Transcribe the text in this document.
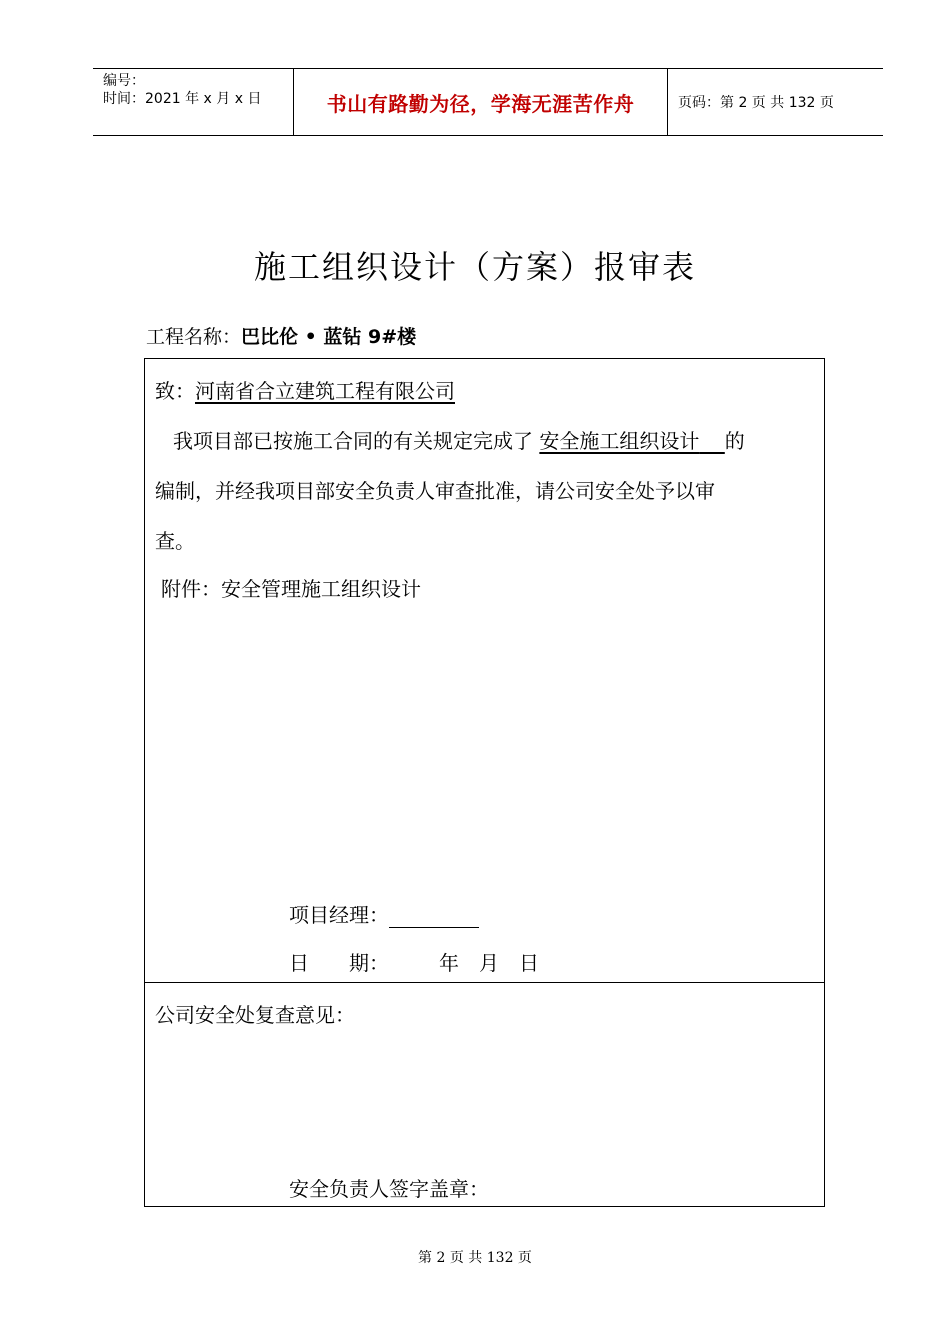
编号：
时间：2021 年 x 月 x 日	书山有路勤为径，学海无涯苦作舟	页码：第 2 页 共 132 页
施工组织设计（方案）报审表
工程名称：巴比伦 • 蓝钻 9#楼
致：河南省合立建筑工程有限公司
我项目部已按施工合同的有关规定完成了 安全施工组织设计 的
编制，并经我项目部安全负责人审查批准，请公司安全处予以审
查。
附件：安全管理施工组织设计
项目经理：
日　　期：　　　年　月　日
公司安全处复查意见：
安全负责人签字盖章：
第 2 页 共 132 页
